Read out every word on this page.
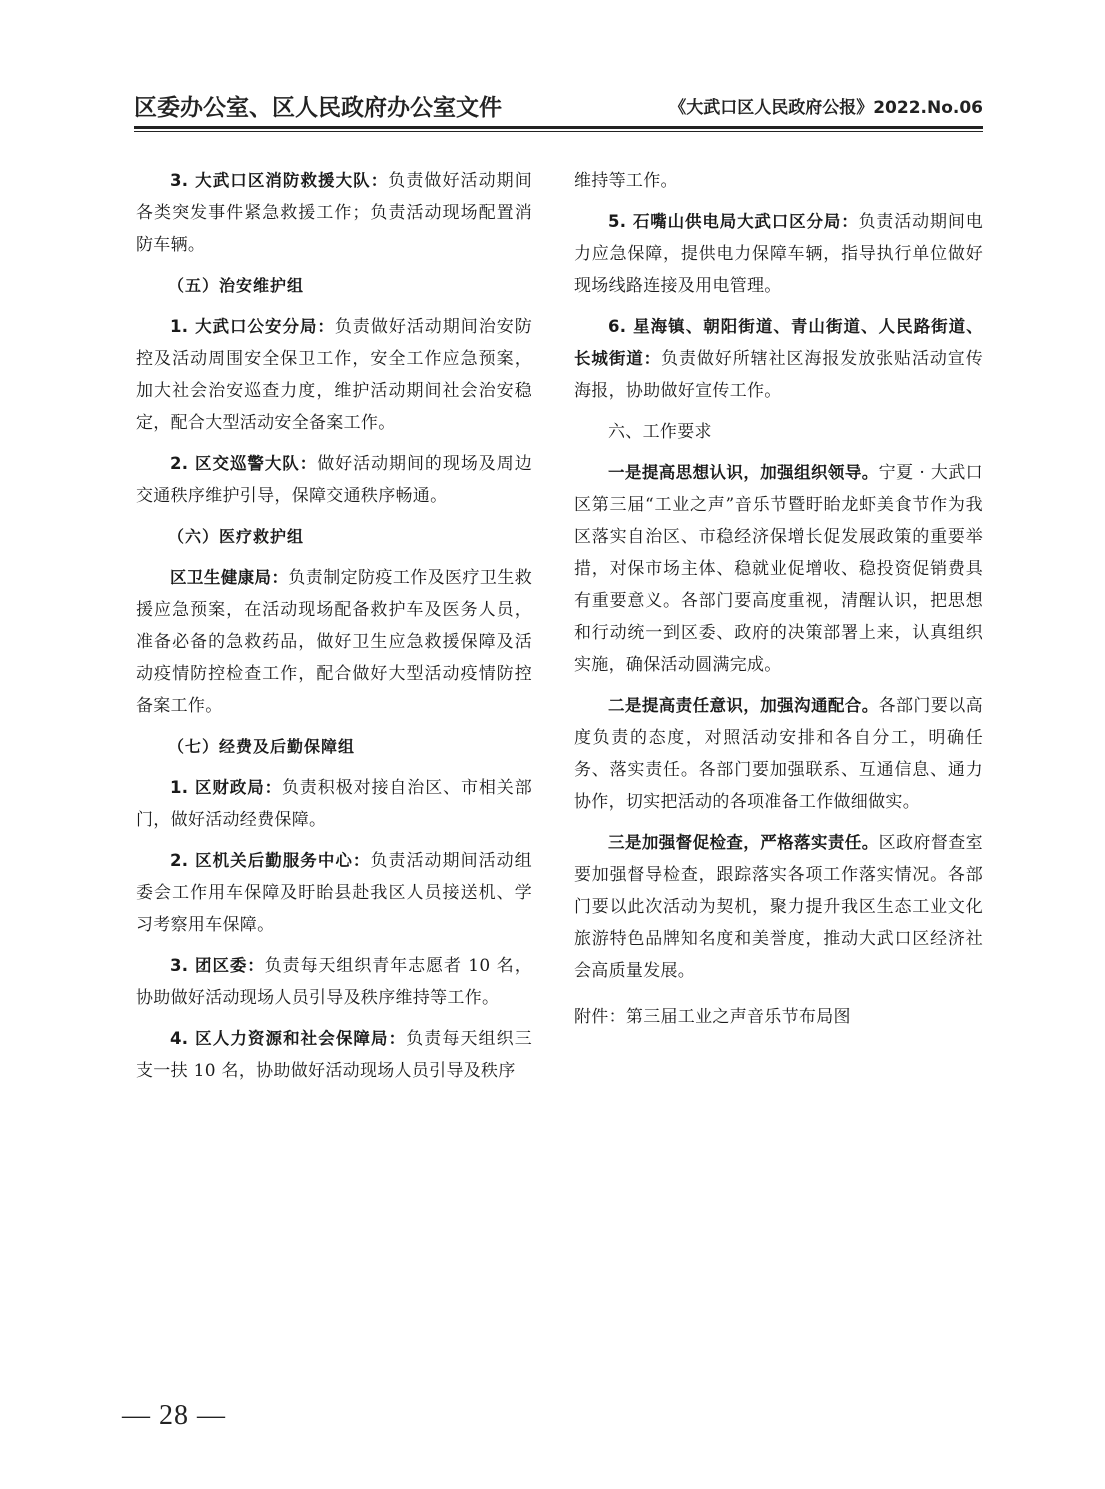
区委办公室、区人民政府办公室文件	《大武口区人民政府公报》2022.No.06

3. 大武口区消防救援大队：负责做好活动期间各类突发事件紧急救援工作；负责活动现场配置消防车辆。

（五）治安维护组

1. 大武口公安分局：负责做好活动期间治安防控及活动周围安全保卫工作，安全工作应急预案，加大社会治安巡查力度，维护活动期间社会治安稳定，配合大型活动安全备案工作。

2. 区交巡警大队：做好活动期间的现场及周边交通秩序维护引导，保障交通秩序畅通。

（六）医疗救护组

区卫生健康局：负责制定防疫工作及医疗卫生救援应急预案，在活动现场配备救护车及医务人员，准备必备的急救药品，做好卫生应急救援保障及活动疫情防控检查工作，配合做好大型活动疫情防控备案工作。

（七）经费及后勤保障组

1. 区财政局：负责积极对接自治区、市相关部门，做好活动经费保障。

2. 区机关后勤服务中心：负责活动期间活动组委会工作用车保障及盱眙县赴我区人员接送机、学习考察用车保障。

3. 团区委：负责每天组织青年志愿者 10 名，协助做好活动现场人员引导及秩序维持等工作。

4. 区人力资源和社会保障局：负责每天组织三支一扶 10 名，协助做好活动现场人员引导及秩序

维持等工作。

5. 石嘴山供电局大武口区分局：负责活动期间电力应急保障，提供电力保障车辆，指导执行单位做好现场线路连接及用电管理。

6. 星海镇、朝阳街道、青山街道、人民路街道、长城街道：负责做好所辖社区海报发放张贴活动宣传海报，协助做好宣传工作。

六、工作要求

一是提高思想认识，加强组织领导。宁夏 · 大武口区第三届“工业之声”音乐节暨盱眙龙虾美食节作为我区落实自治区、市稳经济保增长促发展政策的重要举措，对保市场主体、稳就业促增收、稳投资促销费具有重要意义。各部门要高度重视，清醒认识，把思想和行动统一到区委、政府的决策部署上来，认真组织实施，确保活动圆满完成。

二是提高责任意识，加强沟通配合。各部门要以高度负责的态度，对照活动安排和各自分工，明确任务、落实责任。各部门要加强联系、互通信息、通力协作，切实把活动的各项准备工作做细做实。

三是加强督促检查，严格落实责任。区政府督查室要加强督导检查，跟踪落实各项工作落实情况。各部门要以此次活动为契机，聚力提升我区生态工业文化旅游特色品牌知名度和美誉度，推动大武口区经济社会高质量发展。

附件：第三届工业之声音乐节布局图

— 28 —
